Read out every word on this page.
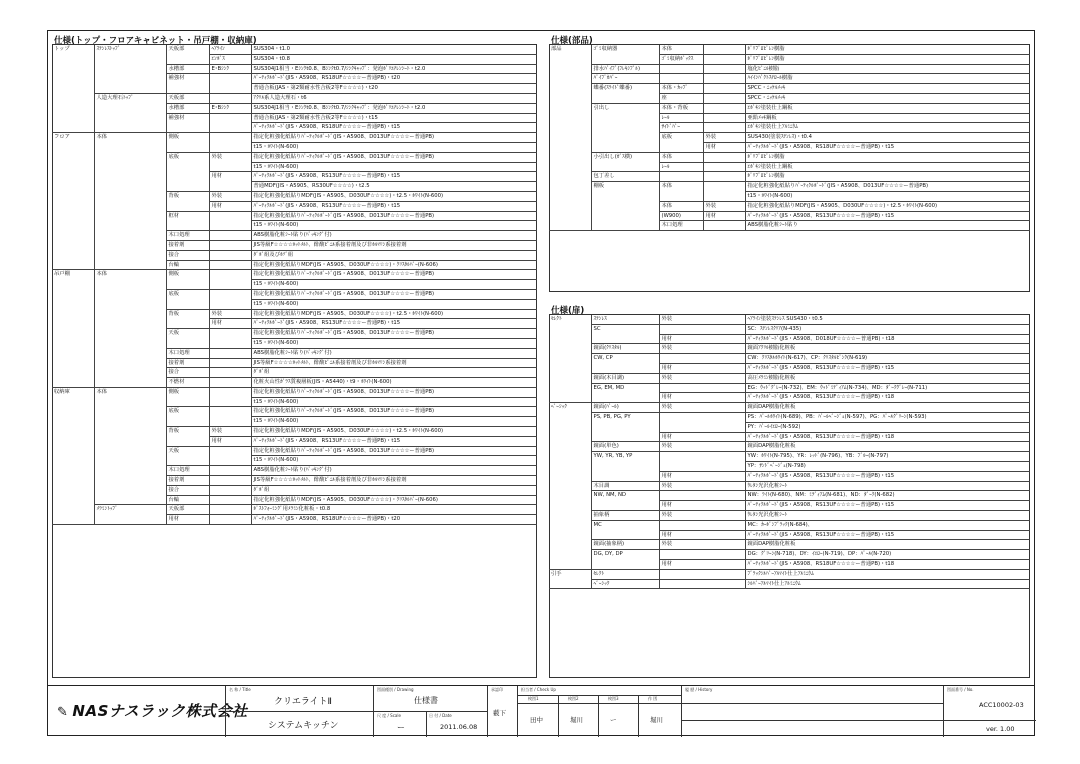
仕様(トップ・フロアキャビネット・吊戸棚・収納庫)
トップ	ｽﾃﾝﾚｽﾄｯﾌﾟ	天板部	ﾍｱﾗｲﾝ	SUS304・t1.0
			ｴﾝﾎﾞｽ	SUS304・t0.8
		水槽部	E･Bｼﾝｸ	SUS304J1相当・Eｼﾝｸt0.8、Bｼﾝｸt0.7/ｼﾝｸｷｬｯﾌﾟ：発泡ﾎﾟﾘｴﾁﾚﾝｼｰﾄ・t2.0
		補強材		ﾊﾟｰﾃｨｸﾙﾎﾞｰﾄﾞ(JIS・A5908、RS18UF☆☆☆☆ー普通PB)・t20
				普通合板(JAS・第2類耐水性合板2等F☆☆☆☆)・t20
	人造大理石ﾄｯﾌﾟ	天板部		ｱｸﾘﾙ系人造大理石・t6
		水槽部	E･Bｼﾝｸ	SUS304J1相当・Eｼﾝｸt0.8、Bｼﾝｸt0.7/ｼﾝｸｷｬｯﾌﾟ：発泡ﾎﾟﾘｴﾁﾚﾝｼｰﾄ・t2.0
		補強材		普通合板(JAS・第2類耐水性合板2等F☆☆☆☆)・t15
				ﾊﾟｰﾃｨｸﾙﾎﾞｰﾄﾞ(JIS・A5908、RS18UF☆☆☆☆ー普通PB)・t15
フロア	本体	側板		指定化粧強化紙貼りﾊﾟｰﾃｨｸﾙﾎﾞｰﾄﾞ(JIS・A5908、D013UF☆☆☆☆ー普通PB)
				t15・ﾎﾜｲﾄ(N-600)
		底板	外装	指定化粧強化紙貼りﾊﾟｰﾃｨｸﾙﾎﾞｰﾄﾞ(JIS・A5908、D013UF☆☆☆☆ー普通PB)
				t15・ﾎﾜｲﾄ(N-600)
			用材	ﾊﾟｰﾃｨｸﾙﾎﾞｰﾄﾞ(JIS・A5908、RS13UF☆☆☆☆ー普通PB)・t15
				普通MDF(JIS・A5905、RS30UF☆☆☆☆)・t2.5
		背板	外装	指定化粧強化紙貼りMDF(JIS・A5905、D030UF☆☆☆☆)・t2.5・ﾎﾜｲﾄ(N-600)
			用材	ﾊﾟｰﾃｨｸﾙﾎﾞｰﾄﾞ(JIS・A5908、RS13UF☆☆☆☆ー普通PB)・t15
		框材		指定化粧強化紙貼りﾊﾟｰﾃｨｸﾙﾎﾞｰﾄﾞ(JIS・A5908、D013UF☆☆☆☆ー普通PB)
				t15・ﾎﾜｲﾄ(N-600)
		木口処理		ABS樹脂化粧ｼｰﾄ貼り(ﾊﾟｯｷﾝｸﾞ付)
		接着剤		JIS等級F☆☆☆☆ﾎｯﾄﾒﾙﾄ、酢酸ﾋﾞﾆﾙ系接着剤及び非ﾎﾙﾏﾘﾝ系接着剤
		接合		ﾀﾞﾎﾞ組及びﾎｿﾞ組
		台輪		指定化粧強化紙貼りMDF(JIS・A5905、D030UF☆☆☆☆)・ｸﾘｽﾀﾙﾊﾞｰ(N-606)
吊戸棚	本体	側板		指定化粧強化紙貼りﾊﾟｰﾃｨｸﾙﾎﾞｰﾄﾞ(JIS・A5908、D013UF☆☆☆☆ー普通PB)
				t15・ﾎﾜｲﾄ(N-600)
		底板		指定化粧強化紙貼りﾊﾟｰﾃｨｸﾙﾎﾞｰﾄﾞ(JIS・A5908、D013UF☆☆☆☆ー普通PB)
				t15・ﾎﾜｲﾄ(N-600)
		背板	外装	指定化粧強化紙貼りMDF(JIS・A5905、D030UF☆☆☆☆)・t2.5・ﾎﾜｲﾄ(N-600)
			用材	ﾊﾟｰﾃｨｸﾙﾎﾞｰﾄﾞ(JIS・A5908、RS13UF☆☆☆☆ー普通PB)・t15
		天板		指定化粧強化紙貼りﾊﾟｰﾃｨｸﾙﾎﾞｰﾄﾞ(JIS・A5908、D013UF☆☆☆☆ー普通PB)
				t15・ﾎﾜｲﾄ(N-600)
		木口処理		ABS樹脂化粧ｼｰﾄ貼り(ﾊﾟｯｷﾝｸﾞ付)
		接着剤		JIS等級F☆☆☆☆ﾎｯﾄﾒﾙﾄ、酢酸ﾋﾞﾆﾙ系接着剤及び非ﾎﾙﾏﾘﾝ系接着剤
		接合		ﾀﾞﾎﾞ組
		不燃材		化粧火山性ｶﾞﾗｽ質複層板(JIS・A5440)・t9・ﾎﾜｲﾄ(N-600)
収納庫	本体	側板		指定化粧強化紙貼りﾊﾟｰﾃｨｸﾙﾎﾞｰﾄﾞ(JIS・A5908、D013UF☆☆☆☆ー普通PB)
				t15・ﾎﾜｲﾄ(N-600)
		底板		指定化粧強化紙貼りﾊﾟｰﾃｨｸﾙﾎﾞｰﾄﾞ(JIS・A5908、D013UF☆☆☆☆ー普通PB)
				t15・ﾎﾜｲﾄ(N-600)
		背板	外装	指定化粧強化紙貼りMDF(JIS・A5905、D030UF☆☆☆☆)・t2.5・ﾎﾜｲﾄ(N-600)
			用材	ﾊﾟｰﾃｨｸﾙﾎﾞｰﾄﾞ(JIS・A5908、RS13UF☆☆☆☆ー普通PB)・t15
		天板		指定化粧強化紙貼りﾊﾟｰﾃｨｸﾙﾎﾞｰﾄﾞ(JIS・A5908、D013UF☆☆☆☆ー普通PB)
				t15・ﾎﾜｲﾄ(N-600)
		木口処理		ABS樹脂化粧ｼｰﾄ貼り(ﾊﾟｯｷﾝｸﾞ付)
		接着剤		JIS等級F☆☆☆☆ﾎｯﾄﾒﾙﾄ、酢酸ﾋﾞﾆﾙ系接着剤及び非ﾎﾙﾏﾘﾝ系接着剤
		接合		ﾀﾞﾎﾞ組
		台輪		指定化粧強化紙貼りMDF(JIS・A5905、D030UF☆☆☆☆)・ｸﾘｽﾀﾙﾊﾞｰ(N-606)
	ﾒﾗﾐﾝﾄｯﾌﾟ	天板部		ﾎﾟｽﾄﾌｫｰﾐﾝｸﾞ用ﾒﾗﾐﾝ化粧板・t0.8
		用材		ﾊﾟｰﾃｨｸﾙﾎﾞｰﾄﾞ(JIS・A5908、RS18UF☆☆☆☆ー普通PB)・t20
仕様(部品)
部品	ｺﾞﾐ収納器	本体		ﾎﾟﾘﾌﾟﾛﾋﾟﾚﾝ樹脂
		ｺﾞﾐ収納ﾎﾞｯｸｽ		ﾎﾟﾘﾌﾟﾛﾋﾟﾚﾝ樹脂
	排水ﾊﾟｲﾌﾟ(ﾌﾚｷｼﾌﾞﾙ)			塩化ﾋﾞﾆﾙ樹脂
	ﾊﾟｲﾌﾟｶﾊﾞｰ			ﾊｲｲﾝﾊﾟｸﾄｽﾁﾛｰﾙ樹脂
	蝶番(ｽﾗｲﾄﾞ蝶番)	本体・ｶｯﾌﾟ		SPCC・ﾆｯｹﾙﾒｯｷ
		座		SPCC・ﾆｯｹﾙﾒｯｷ
	引出し	本体・背板		ｴﾎﾟｷｼ塗装仕上鋼板
		ﾚｰﾙ		亜鉛ﾒｯｷ鋼板
		ｻｲﾄﾞﾊﾞｰ		ｴﾎﾟｷｼ塗装仕上ｱﾙﾐﾆｳﾑ
		底板	外装	SUS430(塗装ｽﾃﾝﾚｽ)・t0.4
			用材	ﾊﾟｰﾃｨｸﾙﾎﾞｰﾄﾞ(JIS・A5908、RS18UF☆☆☆☆ー普通PB)・t15
	小引出し(ｶﾞｽ横)	本体		ﾎﾟﾘﾌﾟﾛﾋﾟﾚﾝ樹脂
		ﾚｰﾙ		ｴﾎﾟｷｼ塗装仕上鋼板
	包丁差し			ﾎﾟﾘﾌﾟﾛﾋﾟﾚﾝ樹脂
	棚板	本体		指定化粧強化紙貼りﾊﾟｰﾃｨｸﾙﾎﾞｰﾄﾞ(JIS・A5908、D013UF☆☆☆☆ー普通PB)
				t15・ﾎﾜｲﾄ(N-600)
		本体	外装	指定化粧強化紙貼りMDF(JIS・A5905、D030UF☆☆☆☆)・t2.5・ﾎﾜｲﾄ(N-600)
		(W900)	用材	ﾊﾟｰﾃｨｸﾙﾎﾞｰﾄﾞ(JIS・A5908、RS13UF☆☆☆☆ー普通PB)・t15
		木口処理		ABS樹脂化粧ｼｰﾄ貼り
仕様(扉)
ｾﾚｸﾄ	ｽﾃﾝﾚｽ	外装	ﾍｱﾗｲﾝ塗装ｽﾃﾝﾚｽ SUS430・t0.5
	SC		SC：ｽﾃﾝﾚｽｸﾘｱ(N-435)
		用材	ﾊﾟｰﾃｨｸﾙﾎﾞｰﾄﾞ(JIS・A5908、D018UF☆☆☆☆ー普通PB)・t18
	鏡面(ｸﾘｽﾀﾙ)	外装	鏡面ｱｸﾘﾙ樹脂化粧板
	CW, CP		CW：ｸﾘｽﾀﾙﾎﾜｲﾄ(N-617)、CP：ｸﾘｽﾀﾙﾋﾟﾝｸ(N-619)
		用材	ﾊﾟｰﾃｨｸﾙﾎﾞｰﾄﾞ(JIS・A5908、RS13UF☆☆☆☆ー普通PB)・t15
	鏡面(木目調)	外装	高圧ﾒﾗﾐﾝ樹脂化粧板
	EG, EM, MD		EG：ｳｯﾄﾞｸﾞﾚｰ(N-732)、EM：ｳｯﾄﾞﾐﾃﾞｨｱﾑ(N-734)、MD：ﾀﾞｰｸｸﾞﾚｰ(N-711)
		用材	ﾊﾟｰﾃｨｸﾙﾎﾞｰﾄﾞ(JIS・A5908、RS13UF☆☆☆☆ー普通PB)・t18
ﾍﾞｰｼｯｸ	鏡面(ﾊﾟｰﾙ)	外装	鏡面DAP樹脂化粧板
	PS, PB, PG, PY		PS：ﾊﾟｰﾙﾎﾜｲﾄ(N-689)、PB：ﾊﾟｰﾙﾍﾞｰｼﾞｭ(N-597)、PG：ﾊﾟｰﾙｸﾞﾘｰﾝ(N-593)
			PY：ﾊﾟｰﾙｲｴﾛｰ(N-592)
		用材	ﾊﾟｰﾃｨｸﾙﾎﾞｰﾄﾞ(JIS・A5908、RS13UF☆☆☆☆ー普通PB)・t18
	鏡面(単色)	外装	鏡面DAP樹脂化粧板
	YW, YR, YB, YP		YW：ﾎﾜｲﾄ(N-795)、YR：ﾚｯﾄﾞ(N-796)、YB：ﾌﾞﾙｰ(N-797)
			YP：ｻﾝﾄﾞﾍﾞｰｼﾞｭ(N-798)
		用材	ﾊﾟｰﾃｨｸﾙﾎﾞｰﾄﾞ(JIS・A5908、RS13UF☆☆☆☆ー普通PB)・t15
	木目調	外装	ｳﾚﾀﾝ光沢化粧ｼｰﾄ
	NW, NM, ND		NW：ﾗｲﾄ(N-680)、NM：ﾐﾃﾞｨｱﾑ(N-681)、ND：ﾀﾞｰｸ(N-682)
		用材	ﾊﾟｰﾃｨｸﾙﾎﾞｰﾄﾞ(JIS・A5908、RS13UF☆☆☆☆ー普通PB)・t15
	抽象柄	外装	ｳﾚﾀﾝ光沢化粧ｼｰﾄ
	MC		MC：ｶｰﾎﾞﾝﾌﾞﾗｯｸ(N-684)、
		用材	ﾊﾟｰﾃｨｸﾙﾎﾞｰﾄﾞ(JIS・A5908、RS13UF☆☆☆☆ー普通PB)・t15
	鏡面(抽象柄)	外装	鏡面DAP樹脂化粧板
	DG, DY, DP		DG：ｸﾞﾘｰﾝ(N-718)、DY：ｲｴﾛｰ(N-719)、DP：ﾊﾟｰﾙ(N-720)
		用材	ﾊﾟｰﾃｨｸﾙﾎﾞｰﾄﾞ(JIS・A5908、RS18UF☆☆☆☆ー普通PB)・t18
引手	ｾﾚｸﾄ		ﾌﾞﾗｯｸｼﾙﾊﾞｰｱﾙﾏｲﾄ仕上ｱﾙﾐﾆｳﾑ
	ﾍﾞｰｼｯｸ		ｼﾙﾊﾞｰｱﾙﾏｲﾄ仕上ｱﾙﾐﾆｳﾑ
✎ NASナスラック株式会社
名 称 / Title
クリエライトⅡ
システムキッチン
図面種別 / Drawing
仕様書
尺 度 / Scale
ー
日 付 / Date
2011.06.08
承認印
藪下
担当者 / Check Up
検図1
田中
検図2
堀川
検図3
ー
作 図
堀川
履 歴 / History	図面番号 / No.
ACC10002-03
ver. 1.00
